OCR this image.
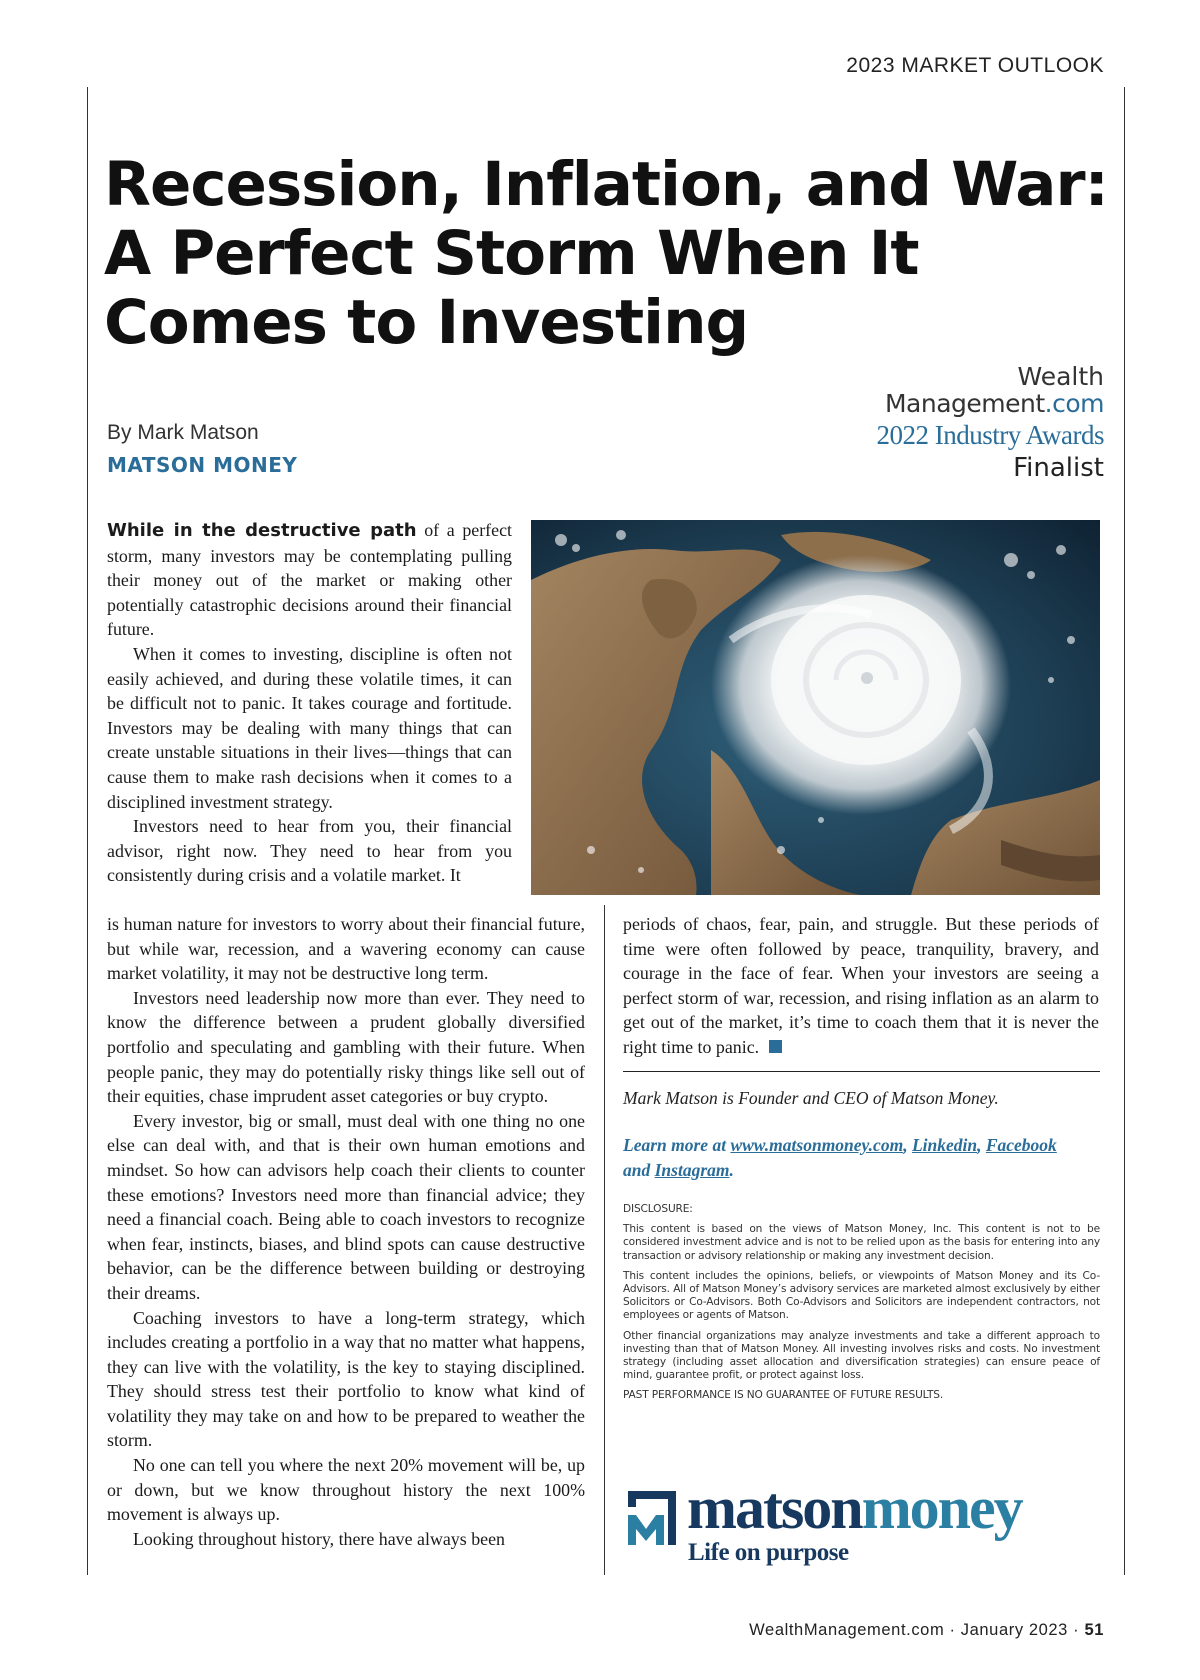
2023 MARKET OUTLOOK
Recession, Inflation, and War: A Perfect Storm When It Comes to Investing
By Mark Matson
MATSON MONEY
Wealth
Management.com
2022 Industry Awards
Finalist

While in the destructive path of a perfect storm, many investors may be contemplating pulling their money out of the market or making other potentially catastrophic decisions around their financial future.

When it comes to investing, discipline is often not easily achieved, and during these volatile times, it can be difficult not to panic. It takes courage and fortitude. Investors may be dealing with many things that can create unstable situations in their lives—things that can cause them to make rash decisions when it comes to a disciplined investment strategy.

Investors need to hear from you, their financial advisor, right now. They need to hear from you consistently during crisis and a volatile market. It

is human nature for investors to worry about their financial future, but while war, recession, and a wavering economy can cause market volatility, it may not be destructive long term.

Investors need leadership now more than ever. They need to know the difference between a prudent globally diversified portfolio and speculating and gambling with their future. When people panic, they may do potentially risky things like sell out of their equities, chase imprudent asset categories or buy crypto.

Every investor, big or small, must deal with one thing no one else can deal with, and that is their own human emotions and mindset. So how can advisors help coach their clients to counter these emotions? Investors need more than financial advice; they need a financial coach. Being able to coach investors to recognize when fear, instincts, biases, and blind spots can cause destructive behavior, can be the difference between building or destroying their dreams.

Coaching investors to have a long-term strategy, which includes creating a portfolio in a way that no matter what happens, they can live with the volatility, is the key to staying disciplined. They should stress test their portfolio to know what kind of volatility they may take on and how to be prepared to weather the storm.

No one can tell you where the next 20% movement will be, up or down, but we know throughout history the next 100% movement is always up.

Looking throughout history, there have always been

periods of chaos, fear, pain, and struggle. But these periods of time were often followed by peace, tranquility, bravery, and courage in the face of fear. When your investors are seeing a perfect storm of war, recession, and rising inflation as an alarm to get out of the market, it’s time to coach them that it is never the right time to panic.

Mark Matson is Founder and CEO of Matson Money.
Learn more at www.matsonmoney.com, Linkedin, Facebook
and Instagram.

DISCLOSURE:

This content is based on the views of Matson Money, Inc. This content is not to be considered investment advice and is not to be relied upon as the basis for entering into any transaction or advisory relationship or making any investment decision.

This content includes the opinions, beliefs, or viewpoints of Matson Money and its Co-Advisors. All of Matson Money’s advisory services are marketed almost exclusively by either Solicitors or Co-Advisors. Both Co-Advisors and Solicitors are independent contractors, not employees or agents of Matson.

Other financial organizations may analyze investments and take a different approach to investing than that of Matson Money. All investing involves risks and costs. No investment strategy (including asset allocation and diversification strategies) can ensure peace of mind, guarantee profit, or protect against loss.

PAST PERFORMANCE IS NO GUARANTEE OF FUTURE RESULTS.

matsonmoney
Life on purpose
WealthManagement.com · January 2023 · 51
